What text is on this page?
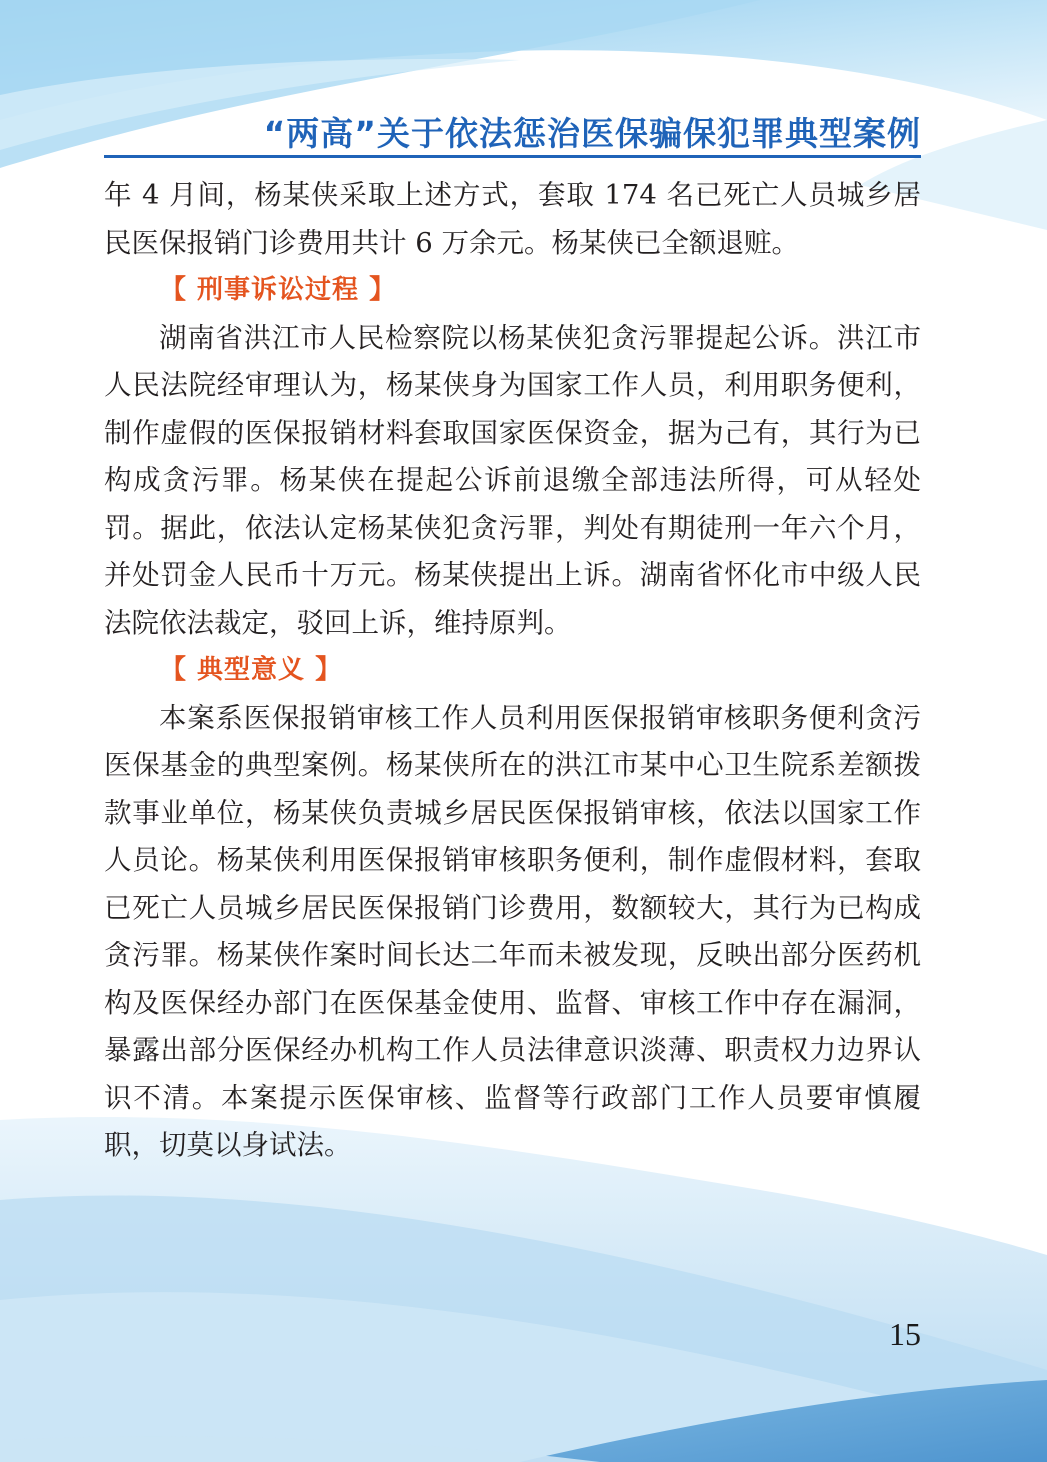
“两高”关于依法惩治医保骗保犯罪典型案例

年 4 月间，杨某侠采取上述方式，套取 174 名已死亡人员城乡居民医保报销门诊费用共计 6 万余元。杨某侠已全额退赃。

【 刑事诉讼过程 】

湖南省洪江市人民检察院以杨某侠犯贪污罪提起公诉。洪江市人民法院经审理认为，杨某侠身为国家工作人员，利用职务便利，制作虚假的医保报销材料套取国家医保资金，据为己有，其行为已构成贪污罪。杨某侠在提起公诉前退缴全部违法所得，可从轻处罚。据此，依法认定杨某侠犯贪污罪，判处有期徒刑一年六个月，并处罚金人民币十万元。杨某侠提出上诉。湖南省怀化市中级人民法院依法裁定，驳回上诉，维持原判。

【 典型意义 】

本案系医保报销审核工作人员利用医保报销审核职务便利贪污医保基金的典型案例。杨某侠所在的洪江市某中心卫生院系差额拨款事业单位，杨某侠负责城乡居民医保报销审核，依法以国家工作人员论。杨某侠利用医保报销审核职务便利，制作虚假材料，套取已死亡人员城乡居民医保报销门诊费用，数额较大，其行为已构成贪污罪。杨某侠作案时间长达二年而未被发现，反映出部分医药机构及医保经办部门在医保基金使用、监督、审核工作中存在漏洞，暴露出部分医保经办机构工作人员法律意识淡薄、职责权力边界认识不清。本案提示医保审核、监督等行政部门工作人员要审慎履职，切莫以身试法。

15
